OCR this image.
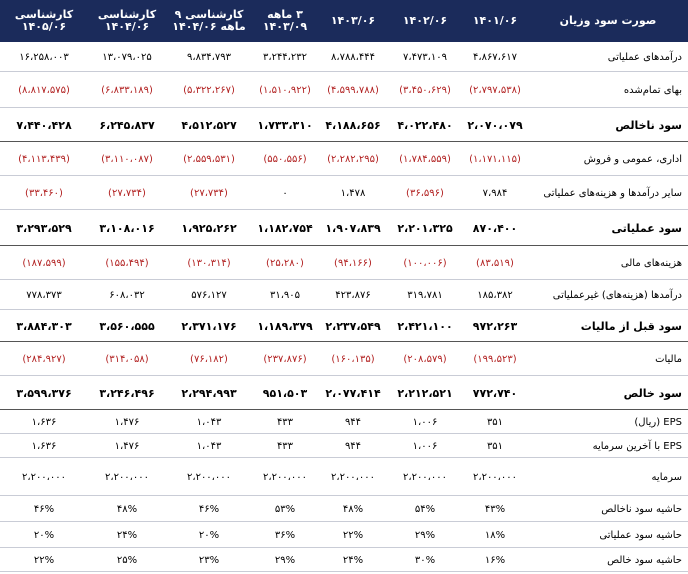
صورت سود وزیان
۱۴۰۱/۰۶
۱۴۰۲/۰۶
۱۴۰۳/۰۶
۳ ماهه ۱۴۰۳/۰۹
کارشناسی ۹ ماهه ۱۴۰۴/۰۶
کارشناسی ۱۴۰۴/۰۶
کارشناسی ۱۴۰۵/۰۶
درآمدهای عملیاتی
۴،۸۶۷،۶۱۷
۷،۴۷۳،۱۰۹
۸،۷۸۸،۴۴۴
۳،۲۴۴،۲۳۲
۹،۸۳۴،۷۹۳
۱۳،۰۷۹،۰۲۵
۱۶،۲۵۸،۰۰۳
بهای تمام‌شده
(۲،۷۹۷،۵۳۸)
(۳،۴۵۰،۶۲۹)
(۴،۵۹۹،۷۸۸)
(۱،۵۱۰،۹۲۲)
(۵،۳۲۲،۲۶۷)
(۶،۸۳۳،۱۸۹)
(۸،۸۱۷،۵۷۵)
سود ناخالص
۲،۰۷۰،۰۷۹
۴،۰۲۲،۴۸۰
۴،۱۸۸،۶۵۶
۱،۷۳۳،۳۱۰
۴،۵۱۲،۵۲۷
۶،۲۴۵،۸۳۷
۷،۴۴۰،۴۲۸
اداری، عمومی و فروش
(۱،۱۷۱،۱۱۵)
(۱،۷۸۴،۵۵۹)
(۲،۲۸۲،۲۹۵)
(۵۵۰،۵۵۶)
(۲،۵۵۹،۵۳۱)
(۳،۱۱۰،۰۸۷)
(۴،۱۱۳،۴۳۹)
سایر درآمدها و هزینه‌های عملیاتی
۷،۹۸۴
(۳۶،۵۹۶)
۱،۴۷۸
۰
(۲۷،۷۳۴)
(۲۷،۷۳۴)
(۳۳،۴۶۰)
سود عملیاتی
۸۷۰،۴۰۰
۲،۲۰۱،۳۲۵
۱،۹۰۷،۸۳۹
۱،۱۸۲،۷۵۴
۱،۹۲۵،۲۶۲
۳،۱۰۸،۰۱۶
۳،۲۹۳،۵۲۹
هزینه‌های مالی
(۸۳،۵۱۹)
(۱۰۰،۰۰۶)
(۹۴،۱۶۶)
(۲۵،۲۸۰)
(۱۳۰،۳۱۴)
(۱۵۵،۴۹۴)
(۱۸۷،۵۹۹)
درآمدها (هزینه‌های) غیرعملیاتی
۱۸۵،۳۸۲
۳۱۹،۷۸۱
۴۲۳،۸۷۶
۳۱،۹۰۵
۵۷۶،۱۲۷
۶۰۸،۰۳۲
۷۷۸،۳۷۳
سود قبل از مالیات
۹۷۲،۲۶۳
۲،۴۲۱،۱۰۰
۲،۲۳۷،۵۴۹
۱،۱۸۹،۳۷۹
۲،۳۷۱،۱۷۶
۳،۵۶۰،۵۵۵
۳،۸۸۴،۳۰۳
مالیات
(۱۹۹،۵۲۳)
(۲۰۸،۵۷۹)
(۱۶۰،۱۳۵)
(۲۳۷،۸۷۶)
(۷۶،۱۸۲)
(۳۱۴،۰۵۸)
(۲۸۴،۹۲۷)
سود خالص
۷۷۲،۷۴۰
۲،۲۱۲،۵۲۱
۲،۰۷۷،۴۱۴
۹۵۱،۵۰۳
۲،۲۹۴،۹۹۳
۳،۲۴۶،۴۹۶
۳،۵۹۹،۳۷۶
EPS (ریال)
۳۵۱
۱،۰۰۶
۹۴۴
۴۳۳
۱،۰۴۳
۱،۴۷۶
۱،۶۳۶
EPS با آخرین سرمایه
۳۵۱
۱،۰۰۶
۹۴۴
۴۳۳
۱،۰۴۳
۱،۴۷۶
۱،۶۳۶
سرمایه
۲،۲۰۰،۰۰۰
۲،۲۰۰،۰۰۰
۲،۲۰۰،۰۰۰
۲،۲۰۰،۰۰۰
۲،۲۰۰،۰۰۰
۲،۲۰۰،۰۰۰
۲،۲۰۰،۰۰۰
حاشیه سود ناخالص
۴۳%
۵۴%
۴۸%
۵۳%
۴۶%
۴۸%
۴۶%
حاشیه سود عملیاتی
۱۸%
۲۹%
۲۲%
۳۶%
۲۰%
۲۴%
۲۰%
حاشیه سود خالص
۱۶%
۳۰%
۲۴%
۲۹%
۲۳%
۲۵%
۲۲%
